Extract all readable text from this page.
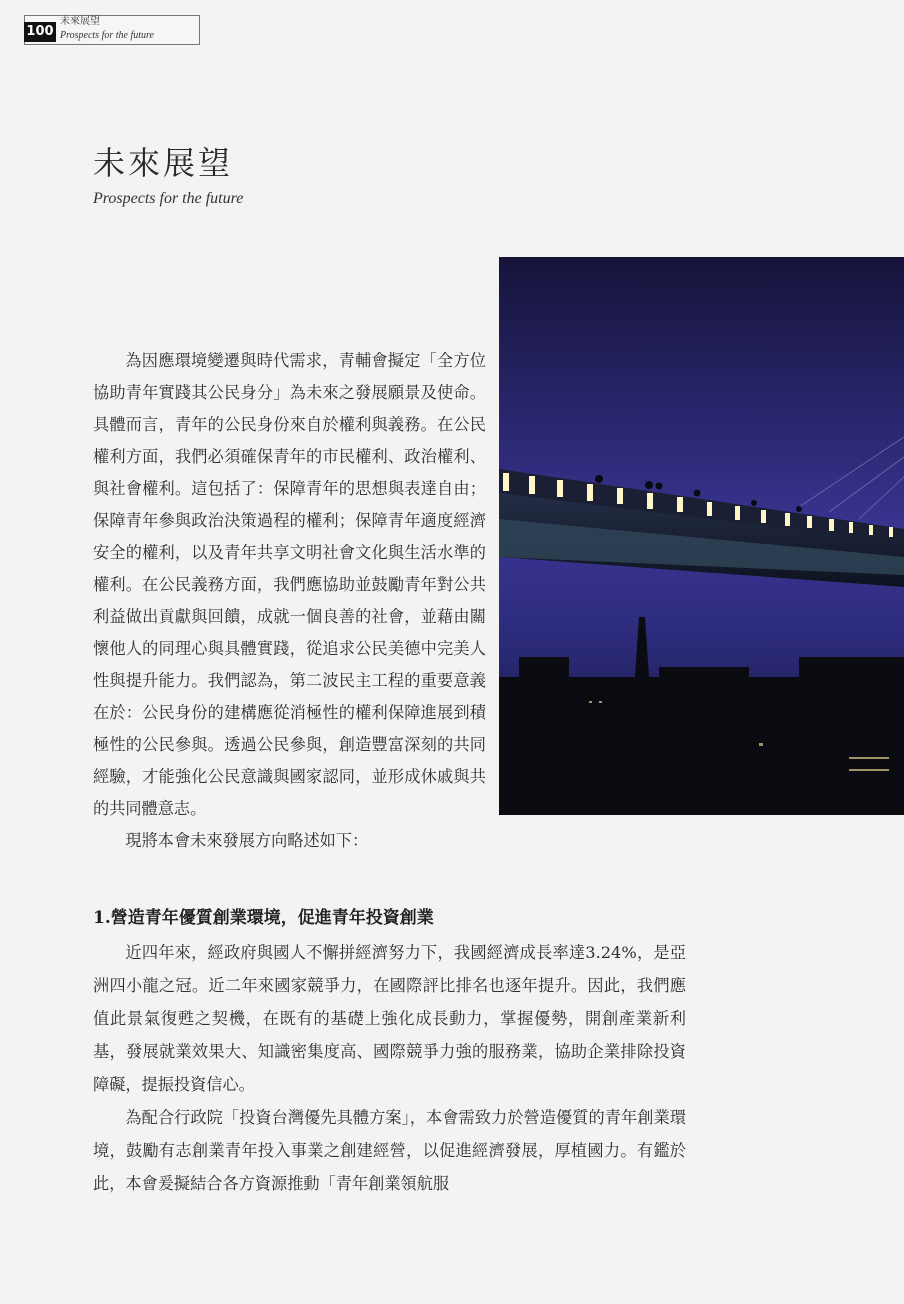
100
未來展望
Prospects for the future
未來展望
Prospects for the future

為因應環境變遷與時代需求，青輔會擬定「全方位協助青年實踐其公民身分」為未來之發展願景及使命。具體而言，青年的公民身份來自於權利與義務。在公民權利方面，我們必須確保青年的市民權利、政治權利、與社會權利。這包括了：保障青年的思想與表達自由；保障青年參與政治決策過程的權利；保障青年適度經濟安全的權利，以及青年共享文明社會文化與生活水準的權利。在公民義務方面，我們應協助並鼓勵青年對公共利益做出貢獻與回饋，成就一個良善的社會，並藉由關懷他人的同理心與具體實踐，從追求公民美德中完美人性與提升能力。我們認為，第二波民主工程的重要意義在於：公民身份的建構應從消極性的權利保障進展到積極性的公民參與。透過公民參與，創造豐富深刻的共同經驗，才能強化公民意識與國家認同，並形成休戚與共的共同體意志。

現將本會未來發展方向略述如下：

1.營造青年優質創業環境，促進青年投資創業

近四年來，經政府與國人不懈拼經濟努力下，我國經濟成長率達3.24%，是亞洲四小龍之冠。近二年來國家競爭力，在國際評比排名也逐年提升。因此，我們應值此景氣復甦之契機，在既有的基礎上強化成長動力，掌握優勢，開創產業新利基，發展就業效果大、知識密集度高、國際競爭力強的服務業，協助企業排除投資障礙，提振投資信心。

為配合行政院「投資台灣優先具體方案」，本會需致力於營造優質的青年創業環境，鼓勵有志創業青年投入事業之創建經營，以促進經濟發展，厚植國力。有鑑於此，本會爰擬結合各方資源推動「青年創業領航服
